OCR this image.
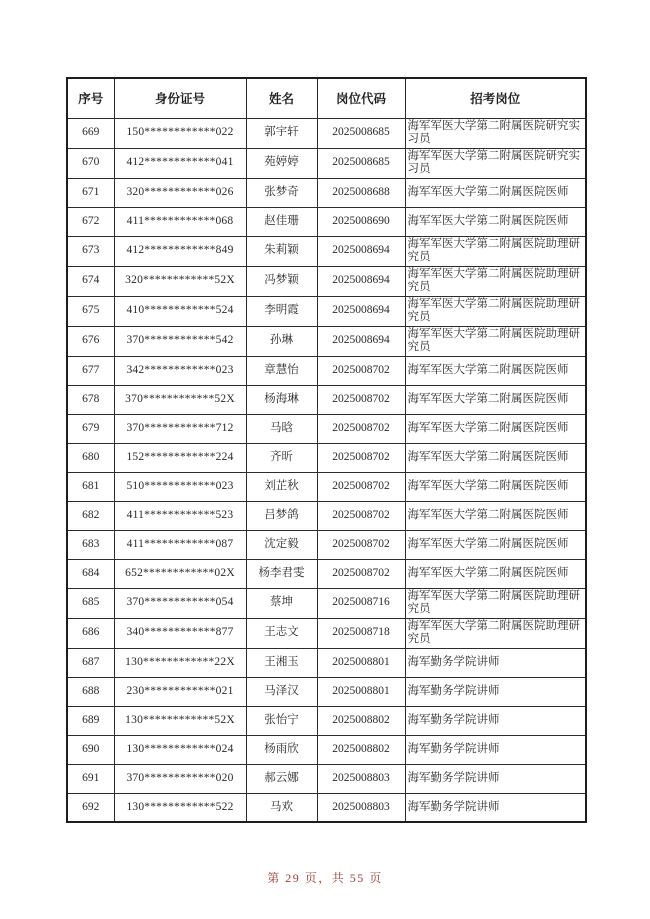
序号	身份证号	姓名	岗位代码	招考岗位
669	150************022	郭宇轩	2025008685	海军军医大学第二附属医院研究实习员
670	412************041	苑婷婷	2025008685	海军军医大学第二附属医院研究实习员
671	320************026	张梦奇	2025008688	海军军医大学第二附属医院医师
672	411************068	赵佳珊	2025008690	海军军医大学第二附属医院医师
673	412************849	朱莉颖	2025008694	海军军医大学第二附属医院助理研究员
674	320************52X	冯梦颖	2025008694	海军军医大学第二附属医院助理研究员
675	410************524	李明霞	2025008694	海军军医大学第二附属医院助理研究员
676	370************542	孙琳	2025008694	海军军医大学第二附属医院助理研究员
677	342************023	章慧怡	2025008702	海军军医大学第二附属医院医师
678	370************52X	杨海琳	2025008702	海军军医大学第二附属医院医师
679	370************712	马晗	2025008702	海军军医大学第二附属医院医师
680	152************224	齐昕	2025008702	海军军医大学第二附属医院医师
681	510************023	刘芷秋	2025008702	海军军医大学第二附属医院医师
682	411************523	吕梦鸽	2025008702	海军军医大学第二附属医院医师
683	411************087	沈定毅	2025008702	海军军医大学第二附属医院医师
684	652************02X	杨李君雯	2025008702	海军军医大学第二附属医院医师
685	370************054	蔡坤	2025008716	海军军医大学第二附属医院助理研究员
686	340************877	王志文	2025008718	海军军医大学第二附属医院助理研究员
687	130************22X	王湘玉	2025008801	海军勤务学院讲师
688	230************021	马泽汉	2025008801	海军勤务学院讲师
689	130************52X	张怡宁	2025008802	海军勤务学院讲师
690	130************024	杨雨欣	2025008802	海军勤务学院讲师
691	370************020	郝云娜	2025008803	海军勤务学院讲师
692	130************522	马欢	2025008803	海军勤务学院讲师
第 29 页，共 55 页
